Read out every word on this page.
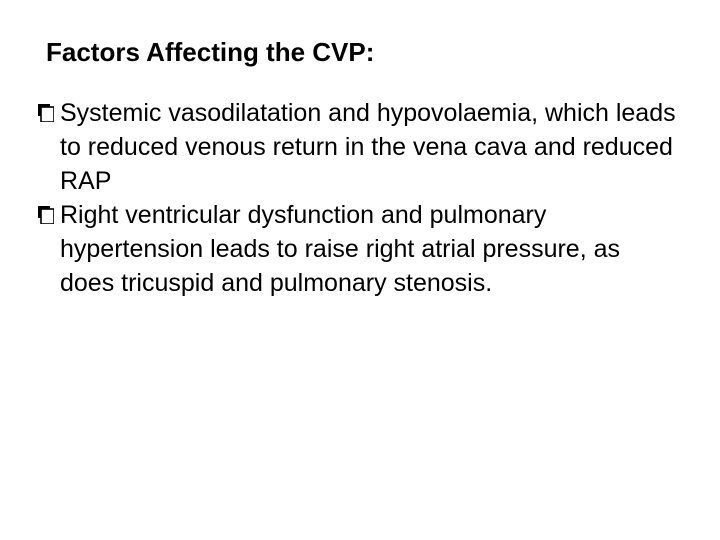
Factors Affecting the CVP:
Systemic vasodilatation and hypovolaemia, which leads to reduced venous return in the vena cava and reduced RAP
Right ventricular dysfunction and pulmonary hypertension leads to raise right atrial pressure, as does tricuspid and pulmonary stenosis.
